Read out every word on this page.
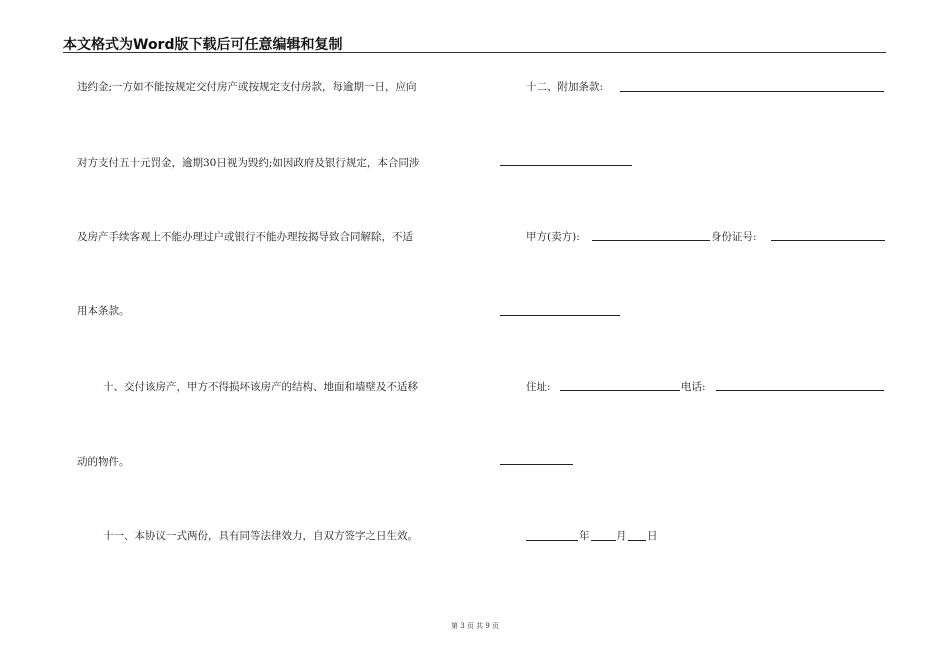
本文格式为Word版下载后可任意编辑和复制
违约金;一方如不能按规定交付房产或按规定支付房款，每逾期一日，应向
对方支付五十元罚金，逾期30日视为毁约;如因政府及银行规定，本合同涉
及房产手续客观上不能办理过户或银行不能办理按揭导致合同解除，不适
用本条款。
十、交付该房产，甲方不得损坏该房产的结构、地面和墙壁及不适移
动的物件。
十一、本协议一式两份，具有同等法律效力，自双方签字之日生效。
十二、附加条款:
甲方(卖方):	身份证号:
住址:	电话:
年	月 日
第 3 页 共 9 页
